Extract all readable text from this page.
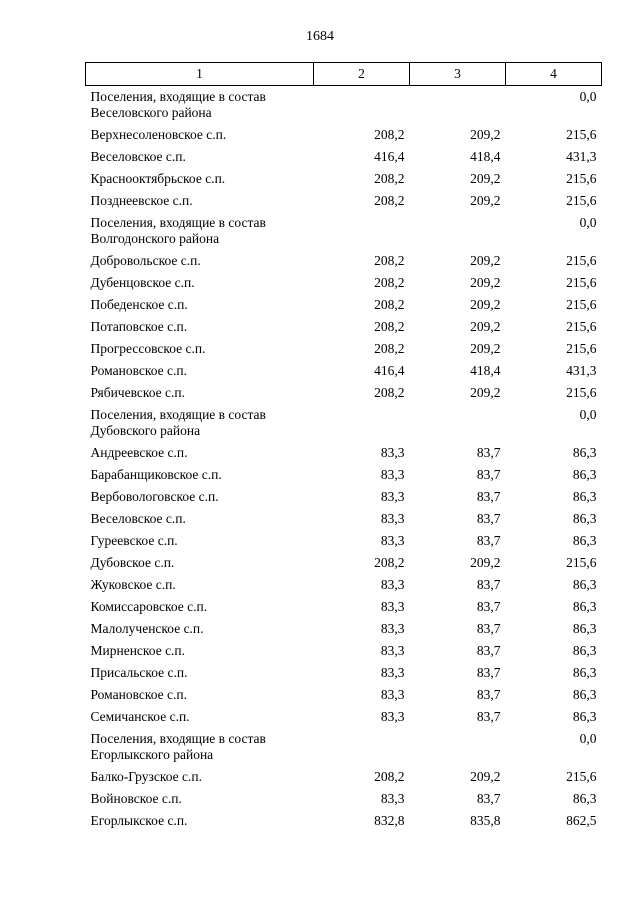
1684
1	2	3	4
Поселения, входящие в состав Веселовского района			0,0
Верхнесоленовское с.п.	208,2	209,2	215,6
Веселовское с.п.	416,4	418,4	431,3
Краснооктябрьское с.п.	208,2	209,2	215,6
Позднеевское с.п.	208,2	209,2	215,6
Поселения, входящие в состав Волгодонского района			0,0
Добровольское с.п.	208,2	209,2	215,6
Дубенцовское с.п.	208,2	209,2	215,6
Победенское с.п.	208,2	209,2	215,6
Потаповское с.п.	208,2	209,2	215,6
Прогрессовское с.п.	208,2	209,2	215,6
Романовское с.п.	416,4	418,4	431,3
Рябичевское с.п.	208,2	209,2	215,6
Поселения, входящие в состав Дубовского района			0,0
Андреевское с.п.	83,3	83,7	86,3
Барабанщиковское с.п.	83,3	83,7	86,3
Вербовологовское с.п.	83,3	83,7	86,3
Веселовское с.п.	83,3	83,7	86,3
Гуреевское с.п.	83,3	83,7	86,3
Дубовское с.п.	208,2	209,2	215,6
Жуковское с.п.	83,3	83,7	86,3
Комиссаровское с.п.	83,3	83,7	86,3
Малолученское с.п.	83,3	83,7	86,3
Мирненское с.п.	83,3	83,7	86,3
Присальское с.п.	83,3	83,7	86,3
Романовское с.п.	83,3	83,7	86,3
Семичанское с.п.	83,3	83,7	86,3
Поселения, входящие в состав Егорлыкского района			0,0
Балко-Грузское с.п.	208,2	209,2	215,6
Войновское с.п.	83,3	83,7	86,3
Егорлыкское с.п.	832,8	835,8	862,5
